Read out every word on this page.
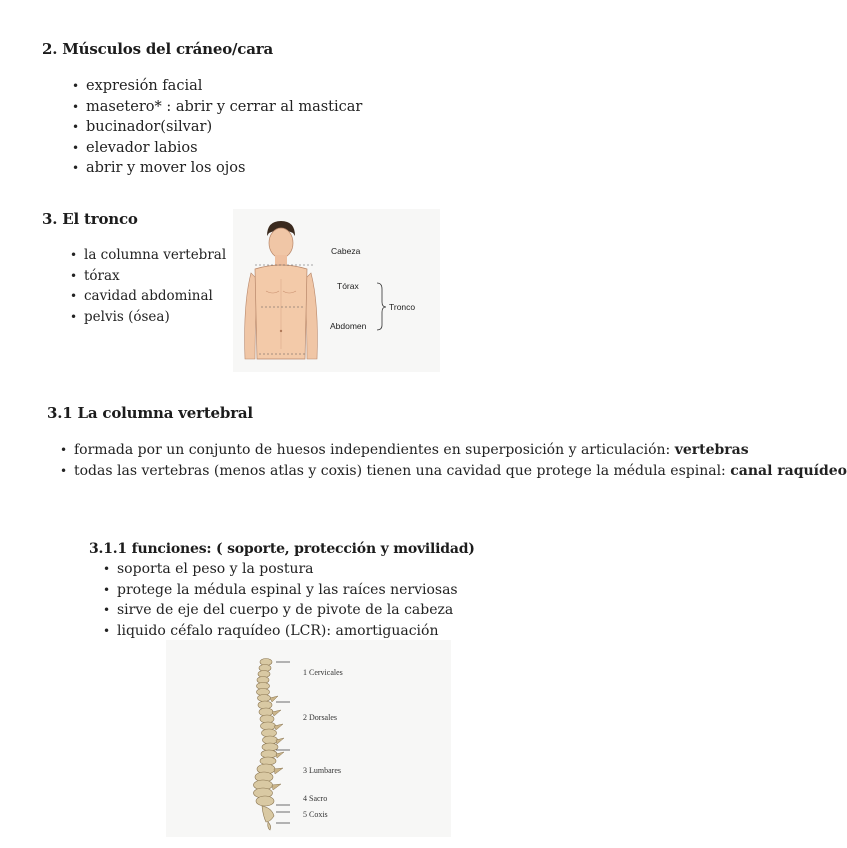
2. Músculos del cráneo/cara
• expresión facial
• masetero* : abrir y cerrar al masticar
• bucinador(silvar)
• elevador labios
• abrir y mover los ojos
3. El tronco
• la columna vertebral
• tórax
• cavidad abdominal
• pelvis (ósea)
Cabeza
Tórax
Abdomen
Tronco
3.1 La columna vertebral
• formada por un conjunto de huesos independientes en superposición y articulación: vertebras
• todas las vertebras (menos atlas y coxis) tienen una cavidad que protege la médula espinal: canal raquídeo
3.1.1 funciones: ( soporte, protección y movilidad)
• soporta el peso y la postura
• protege la médula espinal y las raíces nerviosas
• sirve de eje del cuerpo y de pivote de la cabeza
• liquido céfalo raquídeo (LCR): amortiguación
1 Cervicales
2 Dorsales
3 Lumbares
4 Sacro
5 Coxis
